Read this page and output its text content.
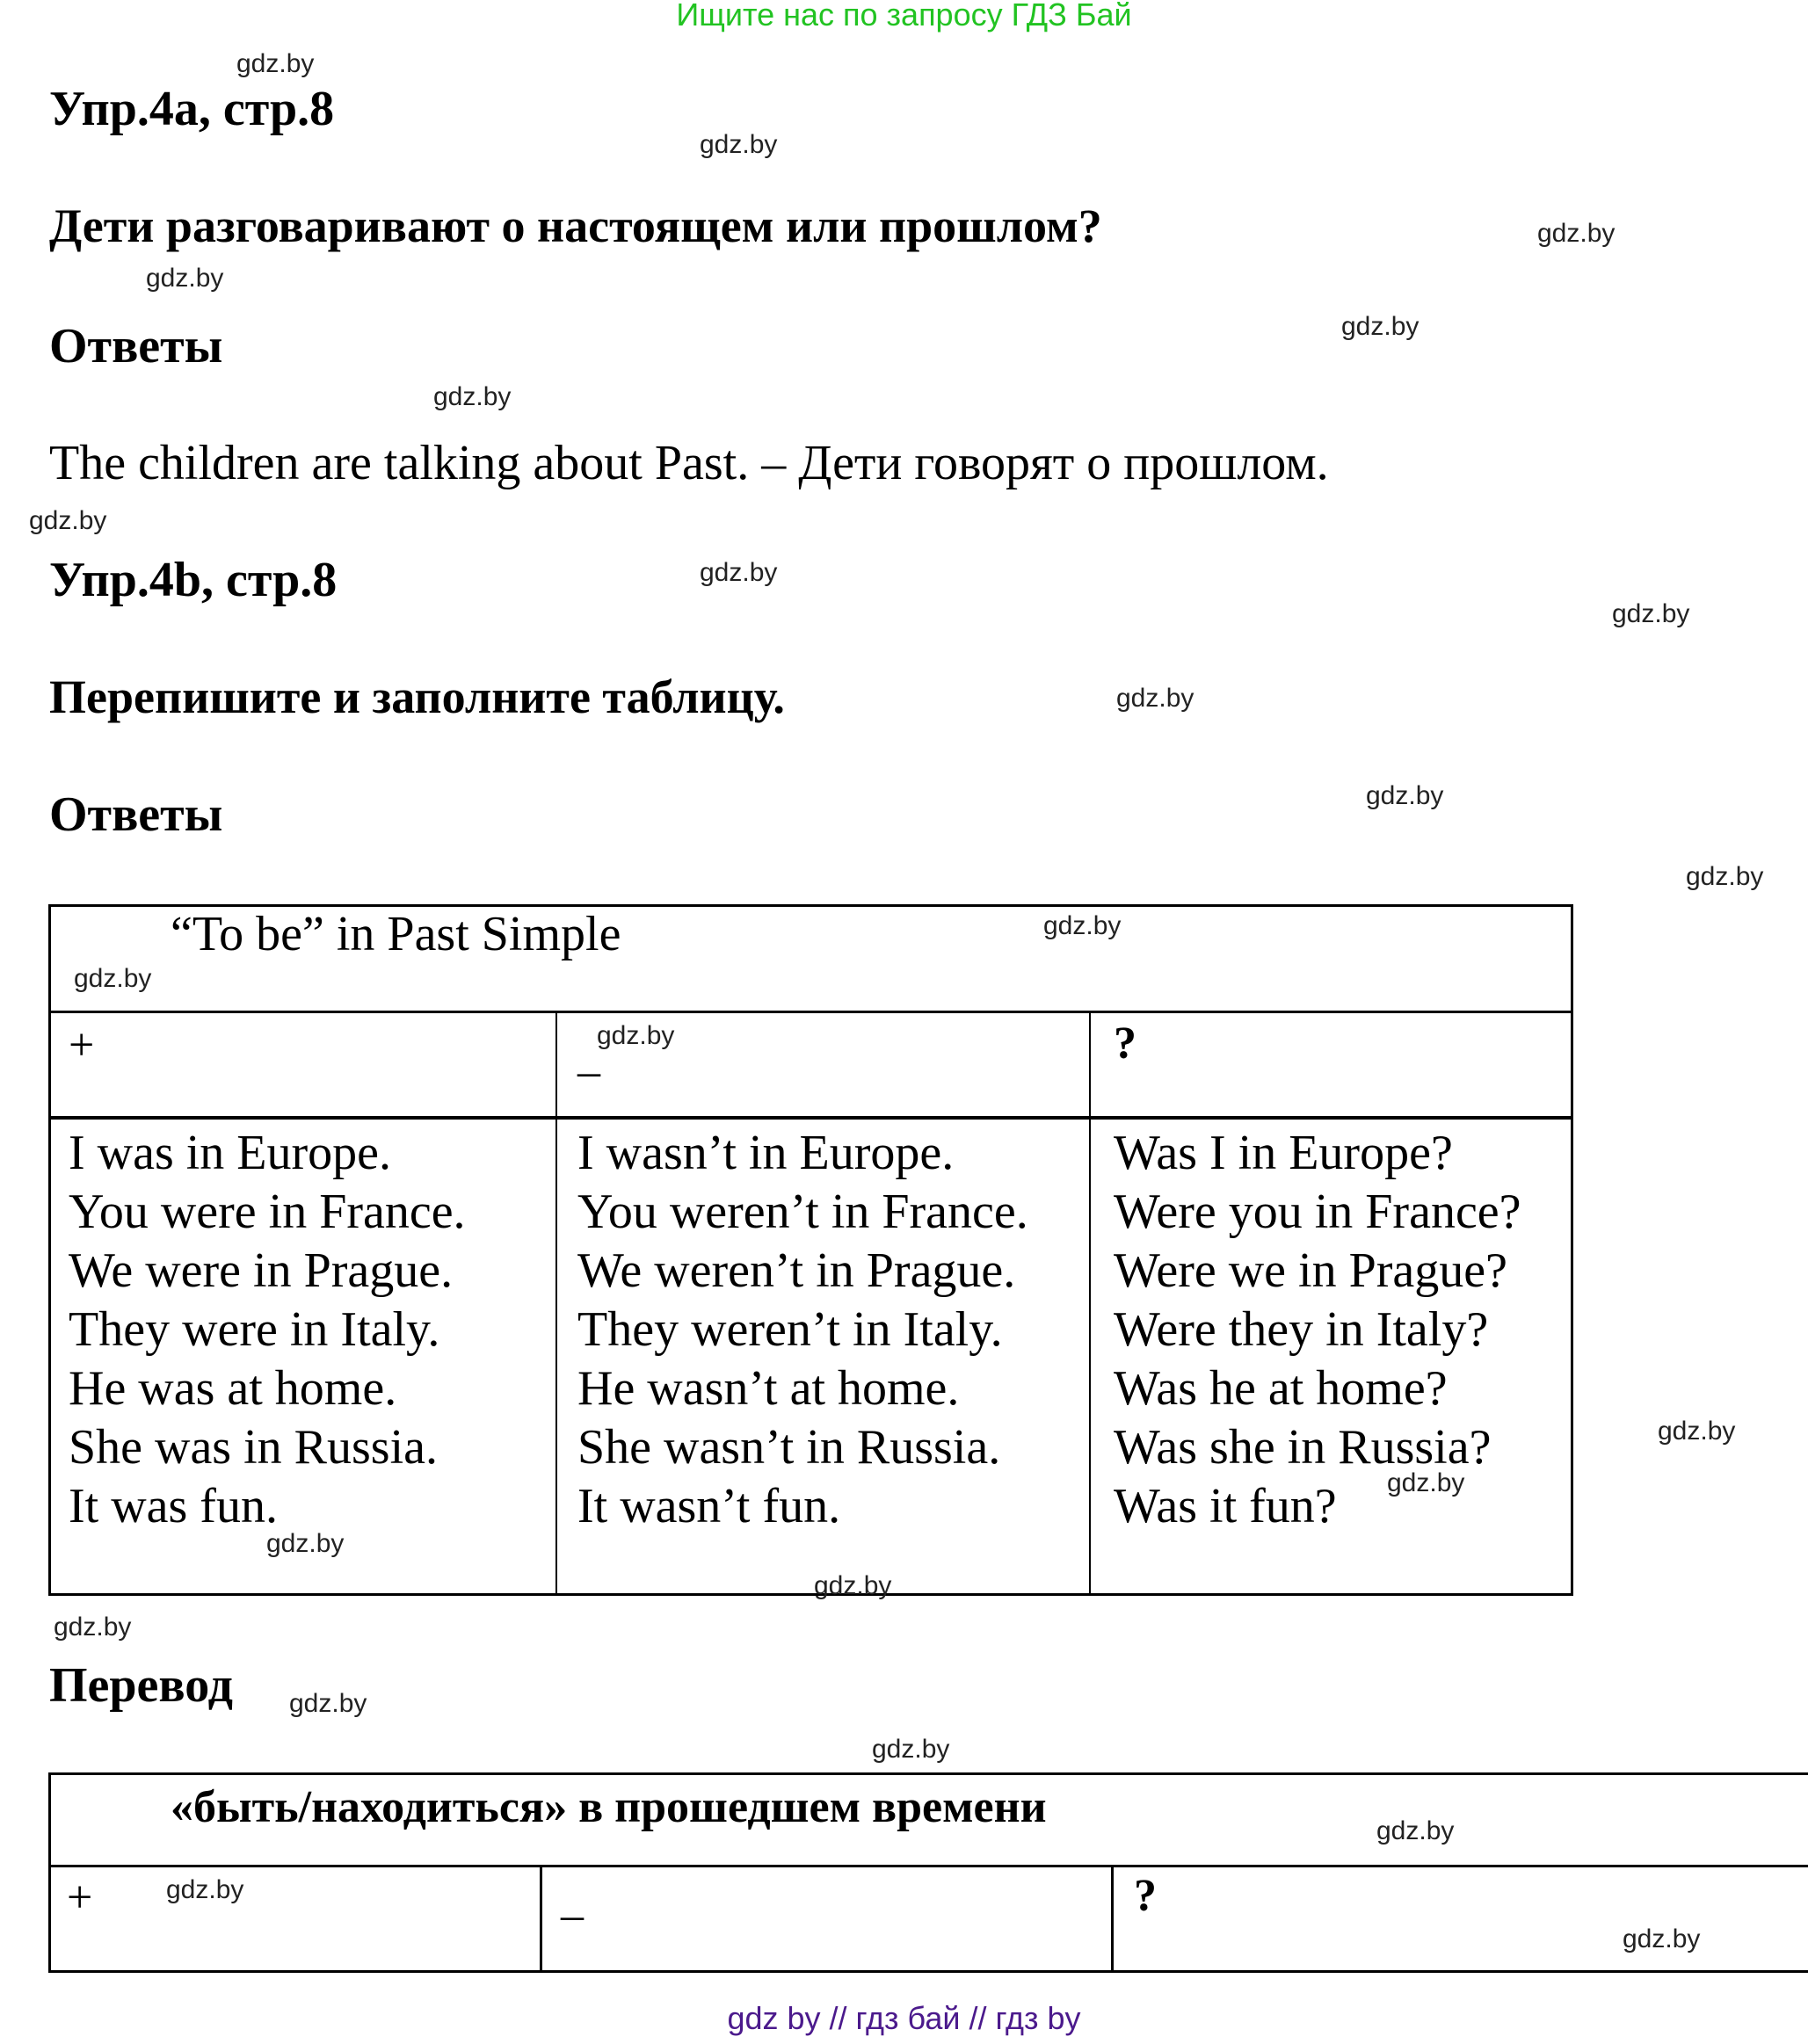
Ищите нас по запросу ГДЗ Бай
Упр.4a, стр.8
Дети разговаривают о настоящем или прошлом?
Ответы
The children are talking about Past. – Дети говорят о прошлом.
Упр.4b, стр.8
Перепишите и заполните таблицу.
Ответы
“To be” in Past Simple
+
–
?
I was in Europe.
You were in France.
We were in Prague.
They were in Italy.
He was at home.
She was in Russia.
It was fun.
I wasn’t in Europe.
You weren’t in France.
We weren’t in Prague.
They weren’t in Italy.
He wasn’t at home.
She wasn’t in Russia.
It wasn’t fun.
Was I in Europe?
Were you in France?
Were we in Prague?
Were they in Italy?
Was he at home?
Was she in Russia?
Was it fun?
Перевод
«быть/находиться» в прошедшем времени
+	–	?
gdz.by
gdz.by
gdz.by
gdz.by
gdz.by
gdz.by
gdz.by
gdz.by
gdz.by
gdz.by
gdz.by
gdz.by
gdz.by
gdz.by
gdz.by
gdz.by
gdz.by
gdz.by
gdz.by
gdz.by
gdz.by
gdz.by
gdz.by
gdz.by
gdz.by
gdz by // гдз бай // гдз by
